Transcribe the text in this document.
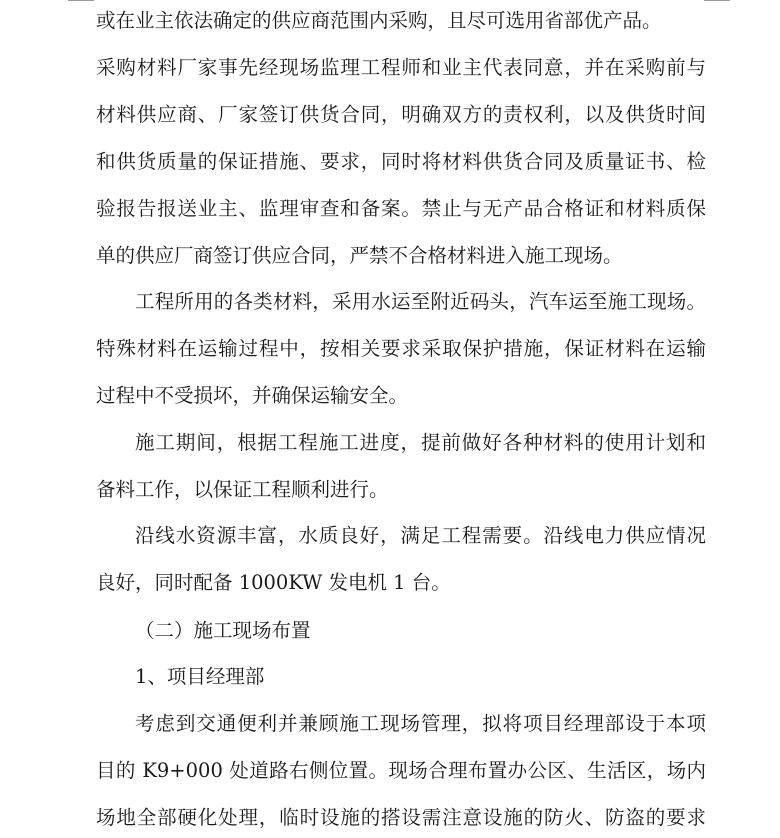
或在业主依法确定的供应商范围内采购，且尽可选用省部优产品。
采购材料厂家事先经现场监理工程师和业主代表同意，并在采购前与
材料供应商、厂家签订供货合同，明确双方的责权利，以及供货时间
和供货质量的保证措施、要求，同时将材料供货合同及质量证书、检
验报告报送业主、监理审查和备案。禁止与无产品合格证和材料质保
单的供应厂商签订供应合同，严禁不合格材料进入施工现场。
工程所用的各类材料，采用水运至附近码头，汽车运至施工现场。
特殊材料在运输过程中，按相关要求采取保护措施，保证材料在运输
过程中不受损坏，并确保运输安全。
施工期间，根据工程施工进度，提前做好各种材料的使用计划和
备料工作，以保证工程顺利进行。
沿线水资源丰富，水质良好，满足工程需要。沿线电力供应情况
良好，同时配备 1000KW 发电机 1 台。
（二）施工现场布置
1、项目经理部
考虑到交通便利并兼顾施工现场管理，拟将项目经理部设于本项
目的 K9+000 处道路右侧位置。现场合理布置办公区、生活区，场内
场地全部硬化处理，临时设施的搭设需注意设施的防火、防盗的要求
